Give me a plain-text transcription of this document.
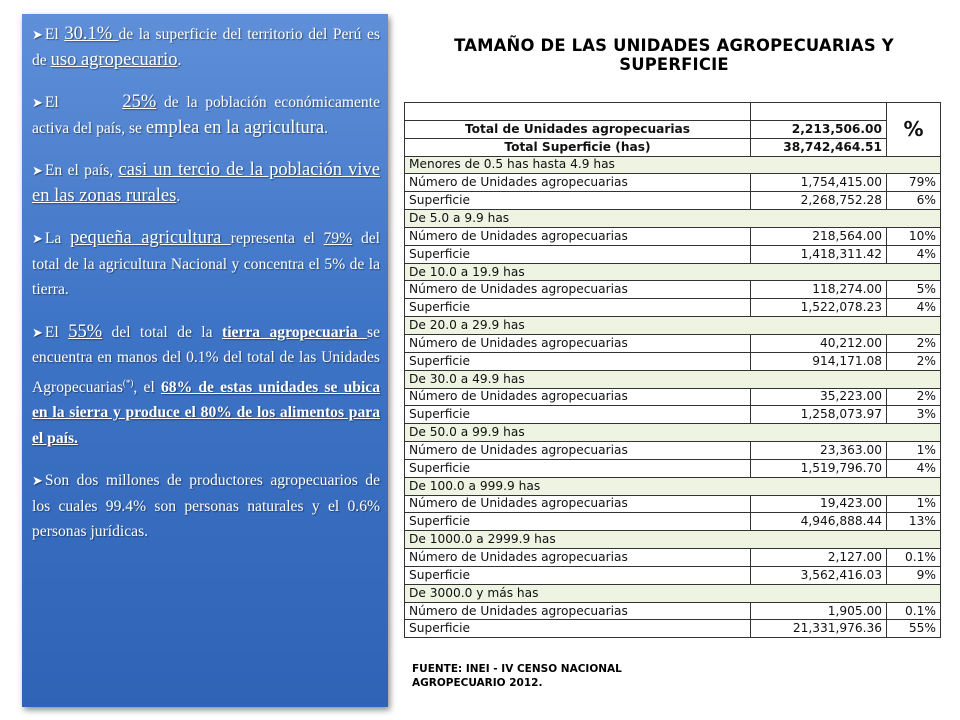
➤ El 30.1% de la superficie del territorio del Perú es de uso agropecuario.
➤ El	25% de la población económicamente activa del país, se emplea en la agricultura.
➤ En el país, casi un tercio de la población vive en las zonas rurales.
➤ La pequeña agricultura representa el 79% del total de la agricultura Nacional y concentra el 5% de la tierra.
➤ El 55% del total de la tierra agropecuaria se encuentra en manos del 0.1% del total de las Unidades Agropecuarias(*), el 68% de estas unidades se ubica en la sierra y produce el 80% de los alimentos para el país.
➤ Son dos millones de productores agropecuarios de los cuales 99.4% son personas naturales y el 0.6% personas jurídicas.
TAMAÑO DE LAS UNIDADES AGROPECUARIAS Y
SUPERFICIE
		%
Total de Unidades agropecuarias	2,213,506.00	
Total Superficie (has)	38,742,464.51	
Menores de 0.5 has hasta 4.9 has		
Número de Unidades agropecuarias	1,754,415.00	79%
Superficie	2,268,752.28	6%
De 5.0 a 9.9 has		
Número de Unidades agropecuarias	218,564.00	10%
Superficie	1,418,311.42	4%
De 10.0 a 19.9 has		
Número de Unidades agropecuarias	118,274.00	5%
Superficie	1,522,078.23	4%
De 20.0 a 29.9 has		
Número de Unidades agropecuarias	40,212.00	2%
Superficie	914,171.08	2%
De 30.0 a 49.9 has		
Número de Unidades agropecuarias	35,223.00	2%
Superficie	1,258,073.97	3%
De 50.0 a 99.9 has		
Número de Unidades agropecuarias	23,363.00	1%
Superficie	1,519,796.70	4%
De 100.0 a 999.9 has		
Número de Unidades agropecuarias	19,423.00	1%
Superficie	4,946,888.44	13%
De 1000.0 a 2999.9 has		
Número de Unidades agropecuarias	2,127.00	0.1%
Superficie	3,562,416.03	9%
De 3000.0 y más has		
Número de Unidades agropecuarias	1,905.00	0.1%
Superficie	21,331,976.36	55%
FUENTE: INEI - IV CENSO NACIONAL
AGROPECUARIO 2012.
